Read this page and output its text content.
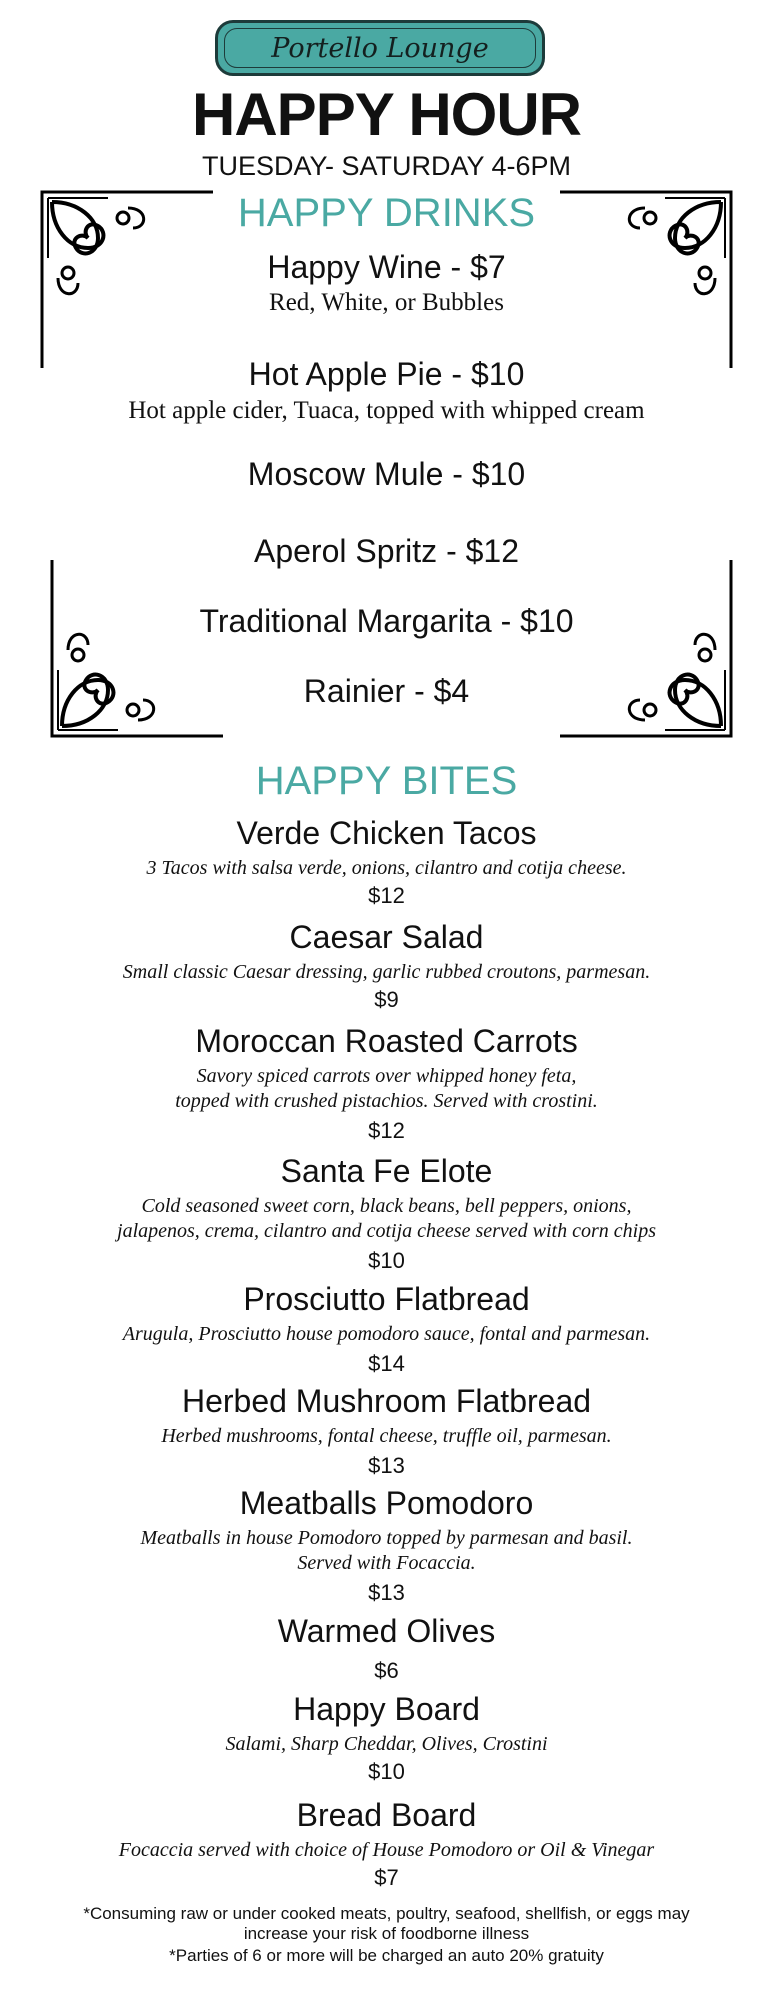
Portello Lounge
HAPPY HOUR
TUESDAY- SATURDAY 4-6PM
HAPPY DRINKS
Happy Wine - $7
Red, White, or Bubbles
Hot Apple Pie - $10
Hot apple cider, Tuaca, topped with whipped cream
Moscow Mule - $10
Aperol Spritz - $12
Traditional Margarita - $10
Rainier - $4
HAPPY BITES
Verde Chicken Tacos
3 Tacos with salsa verde, onions, cilantro and cotija cheese.
$12
Caesar Salad
Small classic Caesar dressing, garlic rubbed croutons, parmesan.
$9
Moroccan Roasted Carrots
Savory spiced carrots over whipped honey feta,
topped with crushed pistachios. Served with crostini.
$12
Santa Fe Elote
Cold seasoned sweet corn, black beans, bell peppers, onions,
jalapenos, crema, cilantro and cotija cheese served with corn chips
$10
Prosciutto Flatbread
Arugula, Prosciutto house pomodoro sauce, fontal and parmesan.
$14
Herbed Mushroom Flatbread
Herbed mushrooms, fontal cheese, truffle oil, parmesan.
$13
Meatballs Pomodoro
Meatballs in house Pomodoro topped by parmesan and basil.
Served with Focaccia.
$13
Warmed Olives
$6
Happy Board
Salami, Sharp Cheddar, Olives, Crostini
$10
Bread Board
Focaccia served with choice of House Pomodoro or Oil & Vinegar
$7
*Consuming raw or under cooked meats, poultry, seafood, shellfish, or eggs may
increase your risk of foodborne illness
*Parties of 6 or more will be charged an auto 20% gratuity
